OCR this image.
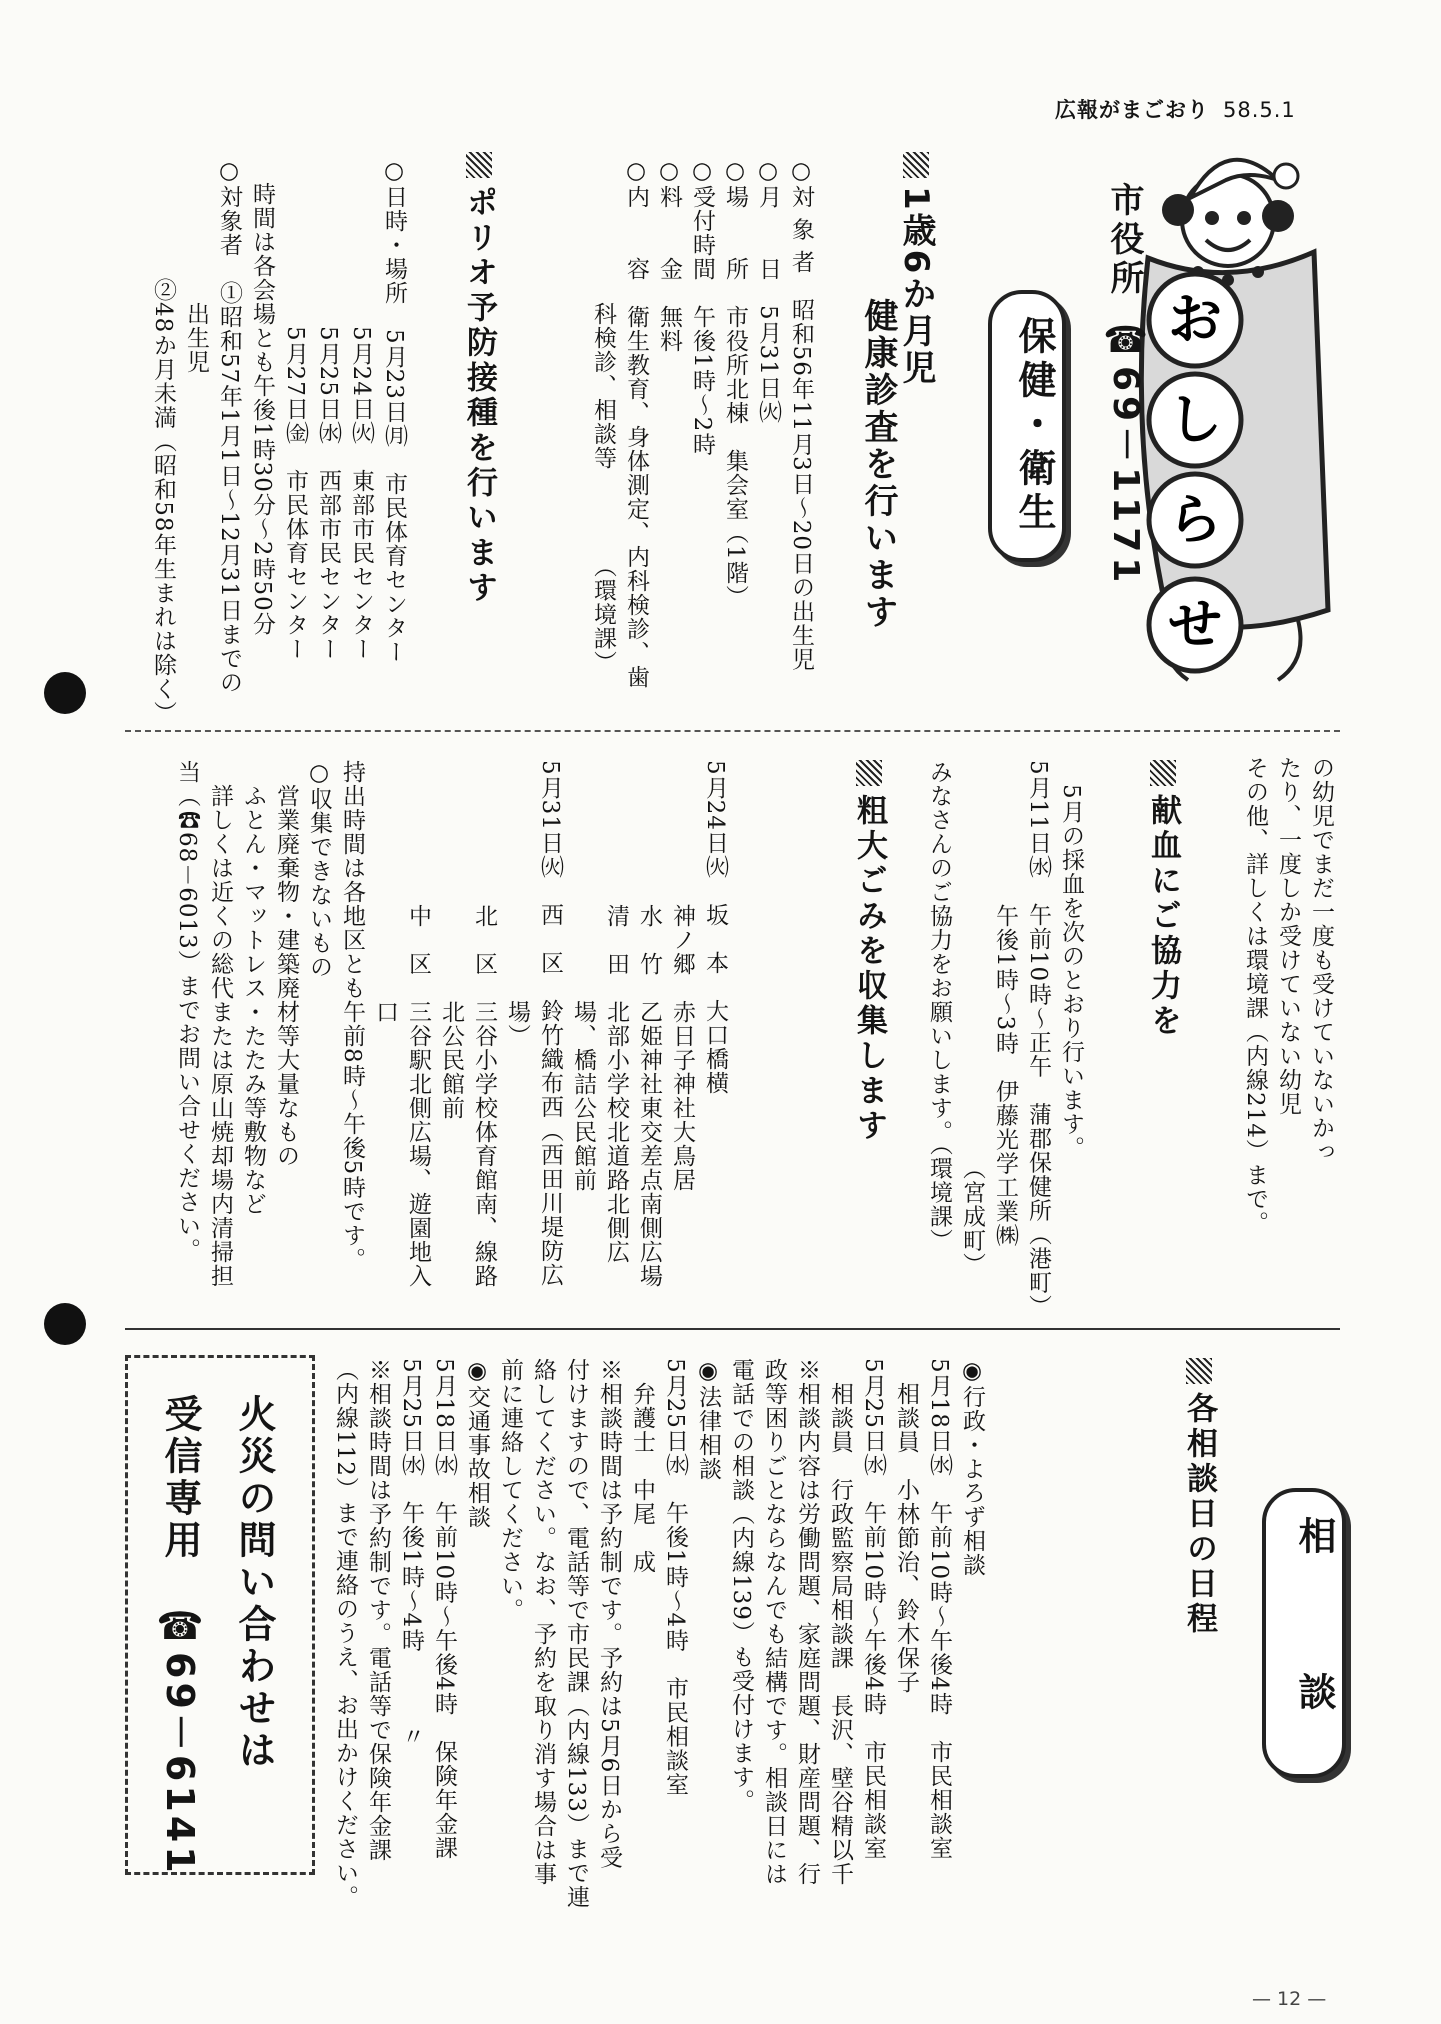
広報がまごおり 58.5.1
お
し
ら
せ
市役所
☎69－1171
保健・衛生
1歳6か月児
健康診査を行います
○対 象 者　昭和56年11月3日～20日の出生児
○月　　日　5月31日㈫
○場　　所　市役所北棟　集会室（1階）
○受付時間　午後1時～2時
○料　　金　無料
○内　　容　衛生教育、身体測定、内科検診、歯
　　　　　　科検診、相談等　　　　（環境課）
ポリオ予防接種を行います
○日時・場所　5月23日㈪　市民体育センター
　　　　　　　5月24日㈫　東部市民センター
　　　　　　　5月25日㈬　西部市民センター
　　　　　　　5月27日㈮　市民体育センター
　時間は各会場とも午後1時30分～2時50分
○対象者　①昭和57年1月1日～12月31日までの
　　　　　　出生児
　　　　　②48か月未満（昭和58年生まれは除く）
の幼児でまだ一度も受けていないかっ
たり、一度しか受けていない幼児
その他、詳しくは環境課（内線214）まで。
献血にご協力を
　5月の採血を次のとおり行います。
5月11日㈬　午前10時～正午　蒲郡保健所（港町）
　　　　　　午後1時～3時　伊藤光学工業㈱
　　　　　　　　　　　　　　　　　（宮成町）
みなさんのご協力をお願いします。（環境課）
粗大ごみを収集します
5月24日㈫　坂　本　大口橋横
　　　　　　神ノ郷　赤日子神社大鳥居
　　　　　　水　竹　乙姫神社東交差点南側広場
　　　　　　清　田　北部小学校北道路北側広
　　　　　　　　　　場、橋詰公民館前
5月31日㈫　西　区　鈴竹織布西（西田川堤防広
　　　　　　　　　　場）
　　　　　　北　区　三谷小学校体育館南、線路
　　　　　　　　　　北公民館前
　　　　　　中　区　三谷駅北側広場、遊園地入
　　　　　　　　　　口
持出時間は各地区とも午前8時～午後5時です。
○収集できないもの
　営業廃棄物・建築廃材等大量なもの
　ふとん・マットレス・たたみ等敷物など
　詳しくは近くの総代または原山焼却場内清掃担
当（☎68－6013）までお問い合せください。
相　談
各相談日の日程
◉行政・よろず相談
5月18日㈬　午前10時～午後4時　市民相談室
　相談員　小林節治、鈴木保子
5月25日㈬　午前10時～午後4時　市民相談室
　相談員　行政監察局相談課　長沢、壁谷精以千
※相談内容は労働問題、家庭問題、財産問題、行
政等困りごとならなんでも結構です。相談日には
電話での相談（内線139）も受付けます。
◉法律相談
5月25日㈬　午後1時～4時　市民相談室
　弁護士　中尾　成
※相談時間は予約制です。予約は5月6日から受
付けますので、電話等で市民課（内線133）まで連
絡してください。なお、予約を取り消す場合は事
前に連絡してください。
◉交通事故相談
5月18日㈬　午前10時～午後4時　保険年金課
5月25日㈬　午後1時～4時　　　〃
※相談時間は予約制です。電話等で保険年金課
（内線112）まで連絡のうえ、お出かけください。
火災の問い合わせは
受信専用　☎69－6141
— 12 —
